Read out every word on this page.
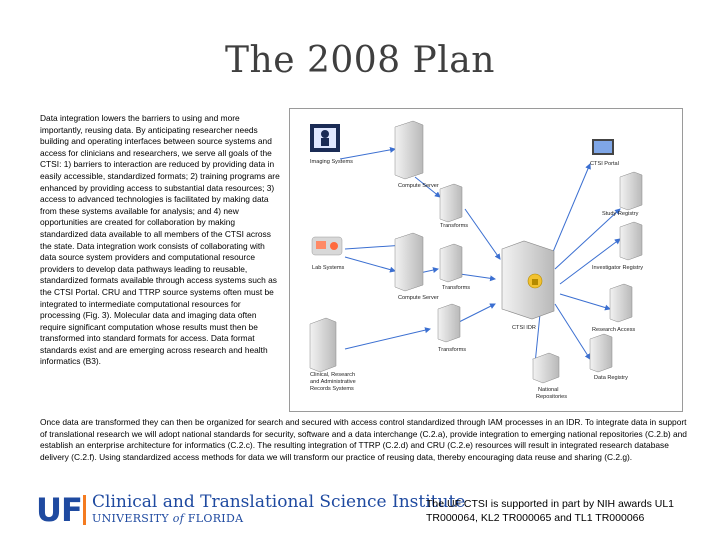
The 2008 Plan
Data integration lowers the barriers to using and more importantly, reusing data. By anticipating researcher needs building and operating interfaces between source systems and access for clinicians and researchers, we serve all goals of the CTSI: 1) barriers to interaction are reduced by providing data in easily accessible, standardized formats; 2) training programs are enhanced by providing access to substantial data resources; 3) access to advanced technologies is facilitated by making data from these systems available for analysis; and 4) new opportunities are created for collaboration by making standardized data available to all members of the CTSI across the state. Data integration work consists of collaborating with data source system providers and computational resource providers to develop data pathways leading to reusable, standardized formats available through access systems such as the CTSI Portal. CRU and TTRP source systems often must be integrated to intermediate computational resources for processing (Fig. 3). Molecular data and imaging data often require significant computation whose results must then be transformed into standard formats for access. Data format standards exist and are emerging across research and health informatics (B3).
Imaging Systems
Compute Server
Transforms
Lab Systems
Compute Server
Transforms
Transforms
Clinical, Research and Administrative Records Systems
CTSI IDR
CTSI Portal
Study Registry
Investigator Registry
Research Access
Data Registry
National Repositories
Once data are transformed they can then be organized for search and secured with access control standardized through IAM processes in an IDR. To integrate data in support of translational research we will adopt national standards for security, software and a data interchange (C.2.a), provide integration to emerging national repositories (C.2.b) and establish an enterprise architecture for informatics (C.2.c). The resulting integration of TTRP (C.2.d) and CRU (C.2.e) resources will result in integrated research database delivery (C.2.f). Using standardized access methods for data we will transform our practice of reusing data, thereby encouraging data reuse and sharing (C.2.g).
UF Clinical and Translational Science Institute
UNIVERSITY of FLORIDA
The UF CTSI is supported in part by NIH awards UL1 TR000064, KL2 TR000065 and TL1 TR000066
